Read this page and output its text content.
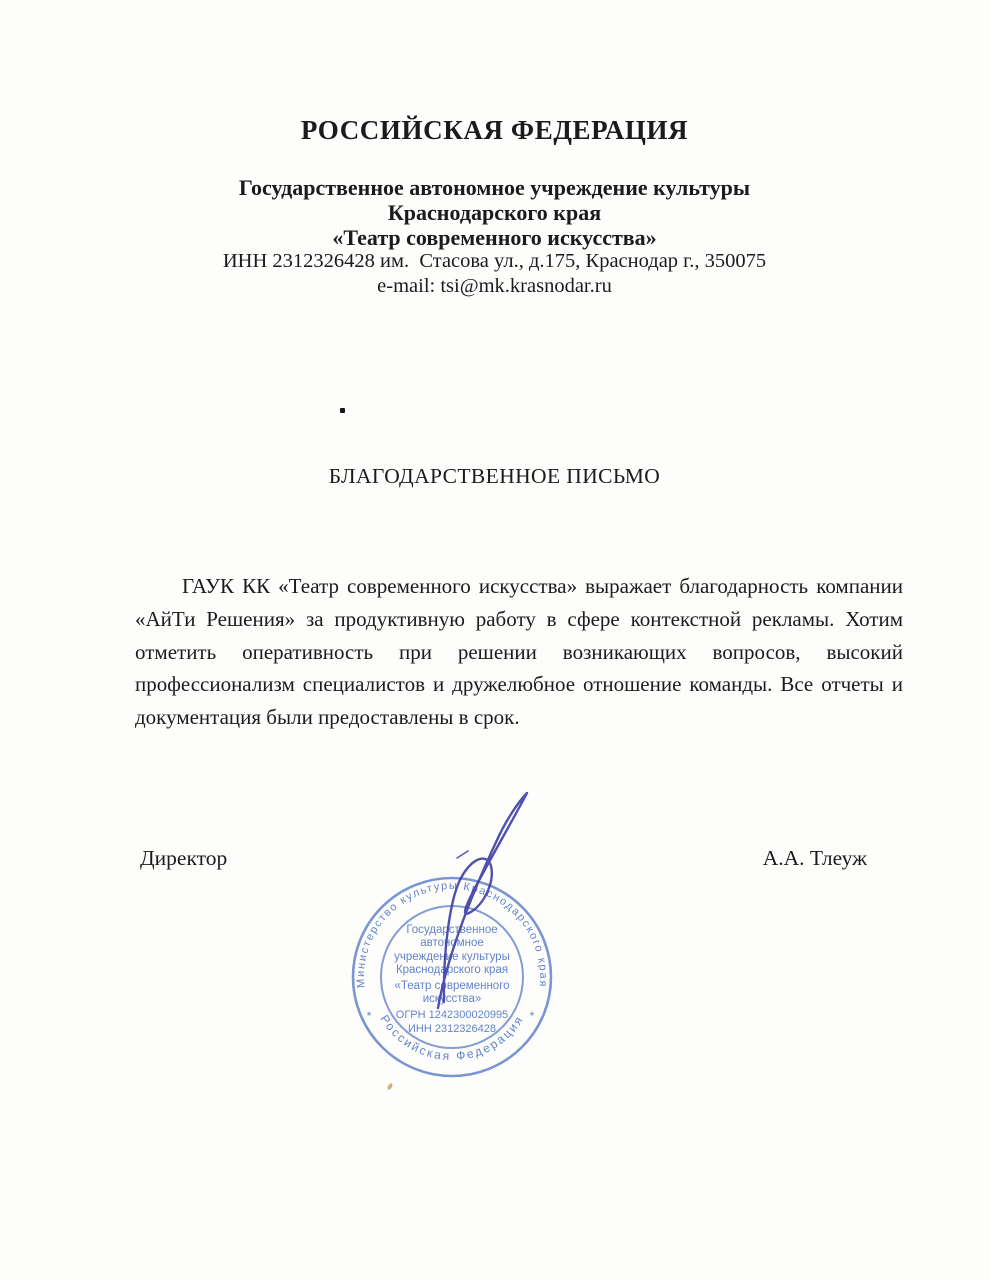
РОССИЙСКАЯ ФЕДЕРАЦИЯ
Государственное автономное учреждение культуры
Краснодарского края
«Театр современного искусства»
ИНН 2312326428 им.  Стасова ул., д.175, Краснодар г., 350075
e-mail: tsi@mk.krasnodar.ru
БЛАГОДАРСТВЕННОЕ ПИСЬМО

ГАУК КК «Театр современного искусства» выражает благодарность компании «АйТи Решения» за продуктивную работу в сфере контекстной рекламы. Хотим отметить оперативность при решении возникающих вопросов, высокий профессионализм специалистов и дружелюбное отношение команды. Все отчеты и документация были предоставлены в срок.

Директор	А.А. Тлеуж
Министерство культуры Краснодарского края
Российская Федерация
*	*
Государственное
автономное
учреждение культуры
Краснодарского края
«Театр современного
искусства»
ОГРН 1242300020995
ИНН 2312326428
